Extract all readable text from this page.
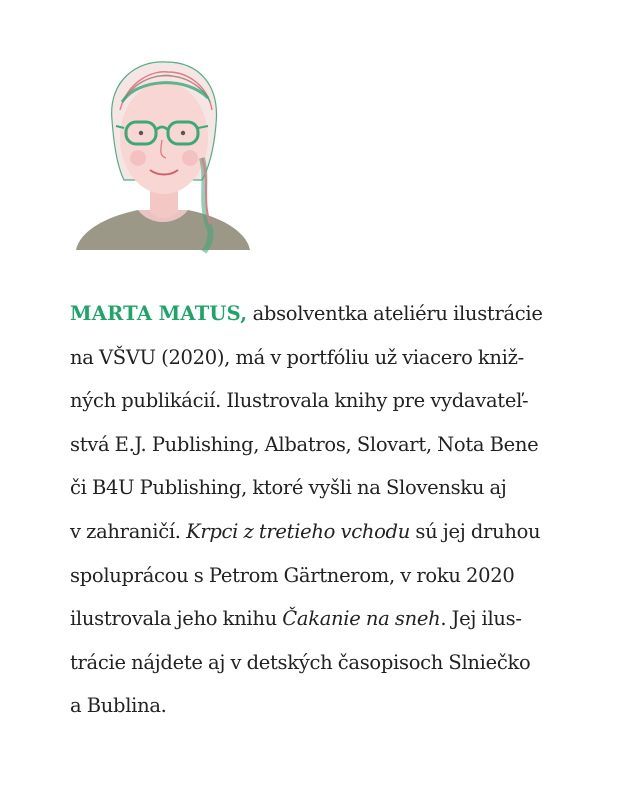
MARTA MATUS, absolventka ateliéru ilustrácie
na VŠVU (2020), má v portfóliu už viacero kniž-
ných publikácií. Ilustrovala knihy pre vydavateľ-
stvá E.J. Publishing, Albatros, Slovart, Nota Bene
či B4U Publishing, ktoré vyšli na Slovensku aj
v zahraničí. Krpci z tretieho vchodu sú jej druhou
spoluprácou s Petrom Gärtnerom, v roku 2020
ilustrovala jeho knihu Čakanie na sneh. Jej ilus-
trácie nájdete aj v detských časopisoch Slniečko
a Bublina.
